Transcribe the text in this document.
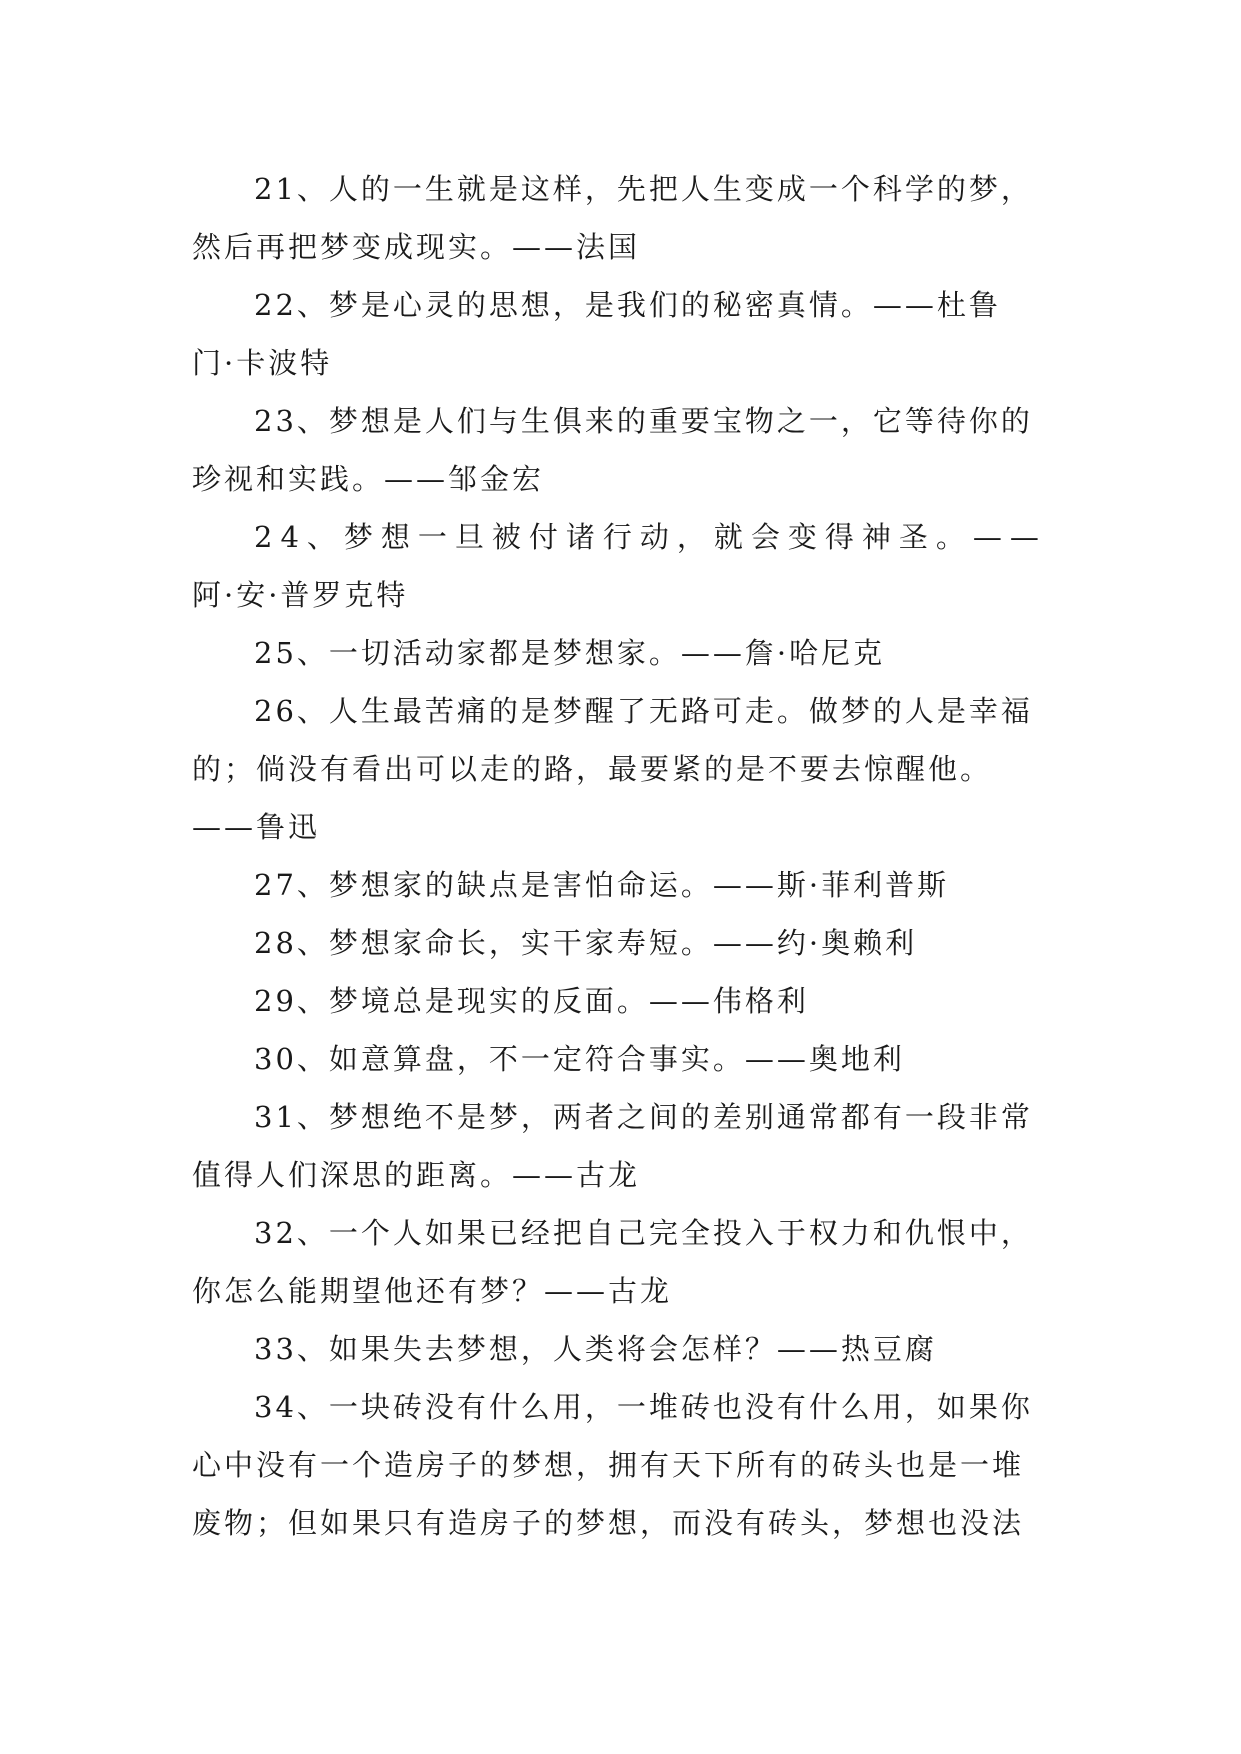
21、人的一生就是这样，先把人生变成一个科学的梦，
然后再把梦变成现实。——法国

22、梦是心灵的思想，是我们的秘密真情。——杜鲁
门·卡波特

23、梦想是人们与生俱来的重要宝物之一，它等待你的
珍视和实践。——邹金宏

24、梦想一旦被付诸行动，就会变得神圣。——
阿·安·普罗克特

25、一切活动家都是梦想家。——詹·哈尼克

26、人生最苦痛的是梦醒了无路可走。做梦的人是幸福
的；倘没有看出可以走的路，最要紧的是不要去惊醒他。
——鲁迅

27、梦想家的缺点是害怕命运。——斯·菲利普斯

28、梦想家命长，实干家寿短。——约·奥赖利

29、梦境总是现实的反面。——伟格利

30、如意算盘，不一定符合事实。——奥地利

31、梦想绝不是梦，两者之间的差别通常都有一段非常
值得人们深思的距离。——古龙

32、一个人如果已经把自己完全投入于权力和仇恨中，
你怎么能期望他还有梦？——古龙

33、如果失去梦想，人类将会怎样？——热豆腐

34、一块砖没有什么用，一堆砖也没有什么用，如果你
心中没有一个造房子的梦想，拥有天下所有的砖头也是一堆
废物；但如果只有造房子的梦想，而没有砖头，梦想也没法
